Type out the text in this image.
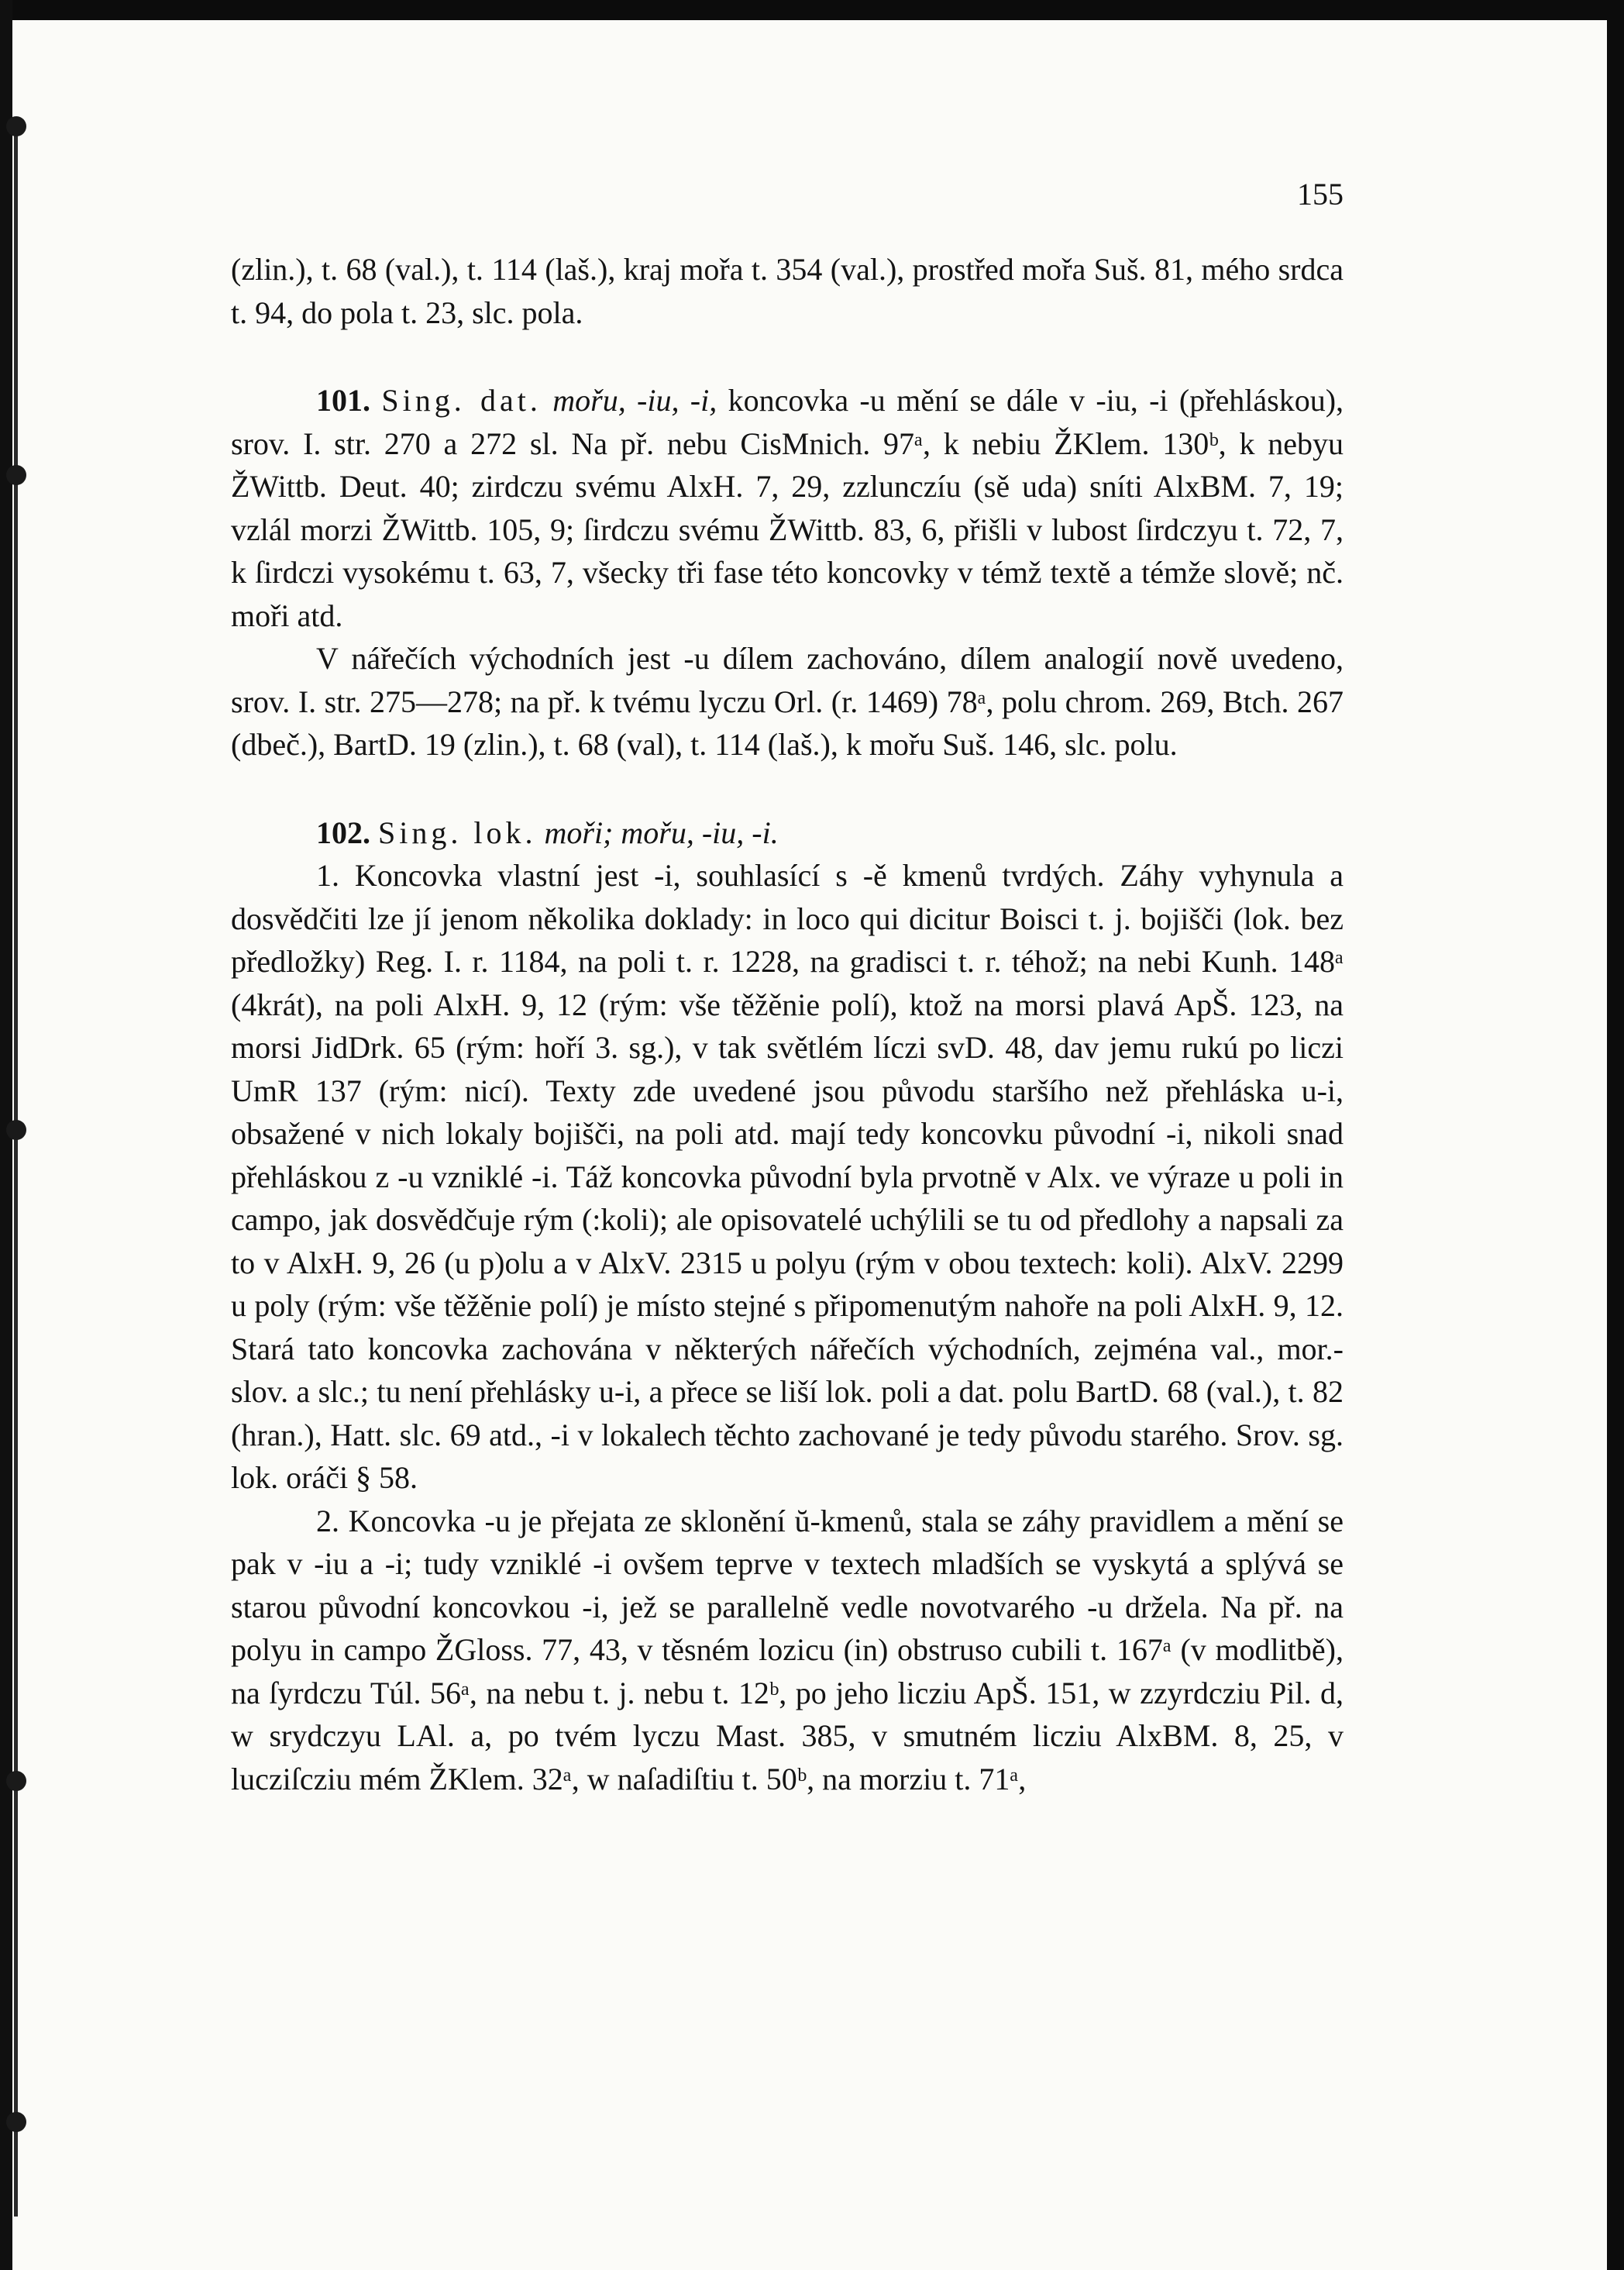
155

(zlin.), t. 68 (val.), t. 114 (laš.), kraj mořa t. 354 (val.), prostřed mořa Suš. 81, mého srdca t. 94, do pola t. 23, slc. pola.

101. Sing. dat. mořu, -iu, -i, koncovka -u mění se dále v -iu, -i (přehláskou), srov. I. str. 270 a 272 sl. Na př. nebu CisMnich. 97ᵃ, k nebiu ŽKlem. 130ᵇ, k nebyu ŽWittb. Deut. 40; zirdczu svému AlxH. 7, 29, zzlunczíu (sě uda) sníti AlxBM. 7, 19; vzlál morzi ŽWittb. 105, 9; ſirdczu svému ŽWittb. 83, 6, přišli v lubost ſirdczyu t. 72, 7, k ſirdczi vysokému t. 63, 7, všecky tři fase této koncovky v témž textě a témže slově; nč. moři atd.

V nářečích východních jest -u dílem zachováno, dílem analogií nově uvedeno, srov. I. str. 275—278; na př. k tvému lyczu Orl. (r. 1469) 78ᵃ, polu chrom. 269, Btch. 267 (dbeč.), BartD. 19 (zlin.), t. 68 (val), t. 114 (laš.), k mořu Suš. 146, slc. polu.

102. Sing. lok. moři; mořu, -iu, -i.

1. Koncovka vlastní jest -i, souhlasící s -ě kmenů tvrdých. Záhy vyhynula a dosvědčiti lze jí jenom několika doklady: in loco qui dicitur Boisci t. j. bojišči (lok. bez předložky) Reg. I. r. 1184, na poli t. r. 1228, na gradisci t. r. téhož; na nebi Kunh. 148ᵃ (4krát), na poli AlxH. 9, 12 (rým: vše těžěnie polí), ktož na morsi plavá ApŠ. 123, na morsi JidDrk. 65 (rým: hoří 3. sg.), v tak světlém líczi svD. 48, dav jemu rukú po liczi UmR 137 (rým: nicí). Texty zde uvedené jsou původu staršího než přehláska u-i, obsažené v nich lokaly bojišči, na poli atd. mají tedy koncovku původní -i, nikoli snad přehláskou z -u vzniklé -i. Táž koncovka původní byla prvotně v Alx. ve výraze u poli in campo, jak dosvědčuje rým (:koli); ale opisovatelé uchýlili se tu od předlohy a napsali za to v AlxH. 9, 26 (u p)olu a v AlxV. 2315 u polyu (rým v obou textech: koli). AlxV. 2299 u poly (rým: vše těžěnie polí) je místo stejné s připomenutým nahoře na poli AlxH. 9, 12. Stará tato koncovka zachována v některých nářečích východních, zejména val., mor.-slov. a slc.; tu není přehlásky u-i, a přece se liší lok. poli a dat. polu BartD. 68 (val.), t. 82 (hran.), Hatt. slc. 69 atd., -i v lokalech těchto zachované je tedy původu starého. Srov. sg. lok. oráči § 58.

2. Koncovka -u je přejata ze sklonění ŭ-kmenů, stala se záhy pravidlem a mění se pak v -iu a -i; tudy vzniklé -i ovšem teprve v textech mladších se vyskytá a splývá se starou původní koncovkou -i, jež se parallelně vedle novotvarého -u držela. Na př. na polyu in campo ŽGloss. 77, 43, v těsném lozicu (in) obstruso cubili t. 167ᵃ (v modlitbě), na ſyrdczu Túl. 56ᵃ, na nebu t. j. nebu t. 12ᵇ, po jeho licziu ApŠ. 151, w zzyrdcziu Pil. d, w srydczyu LAl. a, po tvém lyczu Mast. 385, v smutném licziu AlxBM. 8, 25, v lucziſcziu mém ŽKlem. 32ᵃ, w naſadiſtiu t. 50ᵇ, na morziu t. 71ᵃ,
